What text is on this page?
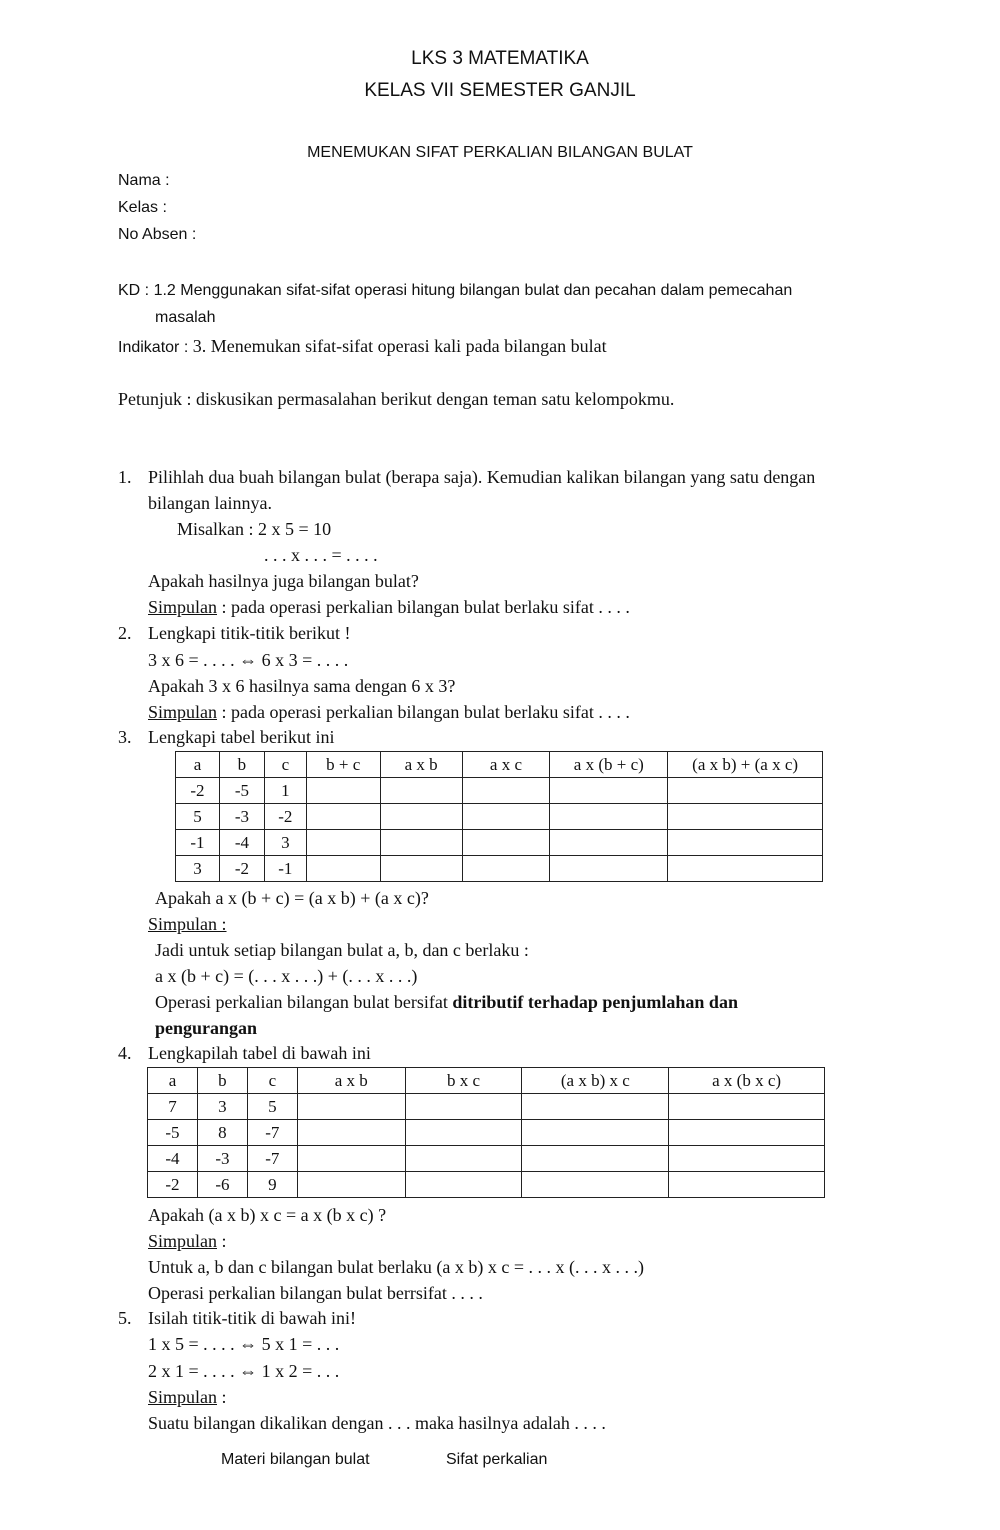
LKS 3 MATEMATIKA
KELAS VII SEMESTER GANJIL
MENEMUKAN SIFAT PERKALIAN BILANGAN BULAT
Nama :
Kelas :
No Absen :
KD : 1.2 Menggunakan sifat-sifat operasi hitung bilangan bulat dan pecahan dalam pemecahan
masalah
Indikator : 3. Menemukan sifat-sifat operasi kali pada bilangan bulat
Petunjuk : diskusikan permasalahan berikut dengan teman satu kelompokmu.
1. Pilihlah dua buah bilangan bulat (berapa saja). Kemudian kalikan bilangan yang satu dengan
bilangan lainnya.
Misalkan : 2 x 5 = 10
. . . x . . . = . . . .
Apakah hasilnya juga bilangan bulat?
Simpulan : pada operasi perkalian bilangan bulat berlaku sifat . . . .
2. Lengkapi titik-titik berikut !
3 x 6 = . . . . ⇔ 6 x 3 = . . . .
Apakah 3 x 6 hasilnya sama dengan 6 x 3?
Simpulan : pada operasi perkalian bilangan bulat berlaku sifat . . . .
3. Lengkapi tabel berikut ini
a	b	c	b + c	a x b	a x c	a x (b + c)	(a x b) + (a x c)
-2	-5	1					
5	-3	-2					
-1	-4	3					
3	-2	-1					
Apakah a x (b + c) = (a x b) + (a x c)?
Simpulan :
Jadi untuk setiap bilangan bulat a, b, dan c berlaku :
a x (b + c) = (. . . x . . .) + (. . . x . . .)
Operasi perkalian bilangan bulat bersifat ditributif terhadap penjumlahan dan
pengurangan
4. Lengkapilah tabel di bawah ini
a	b	c	a x b	b x c	(a x b) x c	a x (b x c)
7	3	5				
-5	8	-7				
-4	-3	-7				
-2	-6	9				
Apakah (a x b) x c = a x (b x c) ?
Simpulan :
Untuk a, b dan c bilangan bulat berlaku (a x b) x c = . . . x (. . . x . . .)
Operasi perkalian bilangan bulat berrsifat . . . .
5. Isilah titik-titik di bawah ini!
1 x 5 = . . . . ⇔ 5 x 1 = . . .
2 x 1 = . . . . ⇔ 1 x 2 = . . .
Simpulan :
Suatu bilangan dikalikan dengan . . . maka hasilnya adalah . . . .
Materi bilangan bulat	Sifat perkalian
